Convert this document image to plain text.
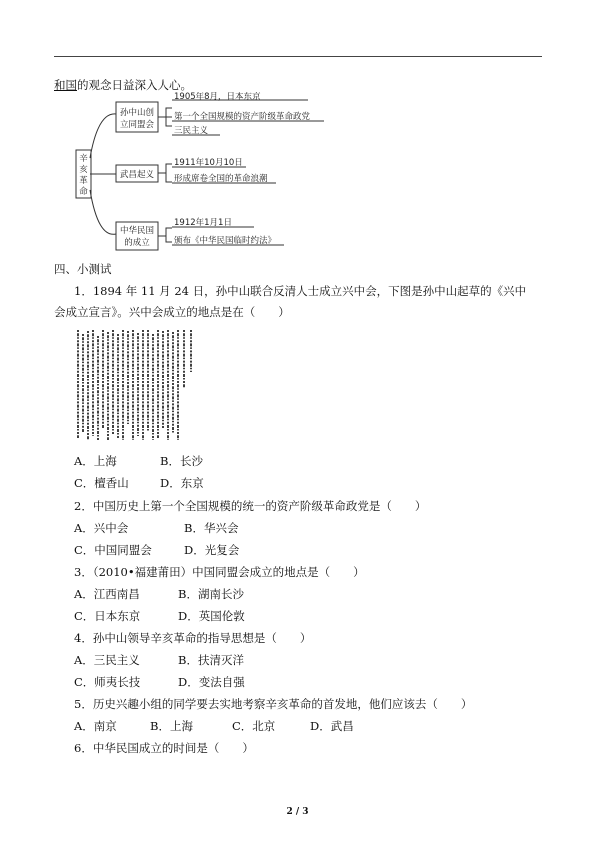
和国的观念日益深入人心。
辛
亥
革
命
孙中山创
立同盟会
武昌起义
中华民国
的成立
1905年8月，日本东京
第一个全国规模的资产阶级革命政党
三民主义
1911年10月10日
形成席卷全国的革命浪潮
1912年1月1日
颁布《中华民国临时约法》
四、小测试
1．1894 年 11 月 24 日，孙中山联合反清人士成立兴中会，下图是孙中山起草的《兴中
会成立宣言》。兴中会成立的地点是在（　　）
A．上海	B．长沙
C．檀香山	D．东京
2．中国历史上第一个全国规模的统一的资产阶级革命政党是（　　）
A．兴中会	B．华兴会
C．中国同盟会	D．光复会
3．（2010•福建莆田）中国同盟会成立的地点是（　　）
A．江西南昌	B．湖南长沙
C．日本东京	D．英国伦敦
4．孙中山领导辛亥革命的指导思想是（　　）
A．三民主义	B．扶清灭洋
C．师夷长技	D．变法自强
5．历史兴趣小组的同学要去实地考察辛亥革命的首发地，他们应该去（　　）
A．南京	B．上海	C．北京	D．武昌
6．中华民国成立的时间是（　　）
2 / 3
